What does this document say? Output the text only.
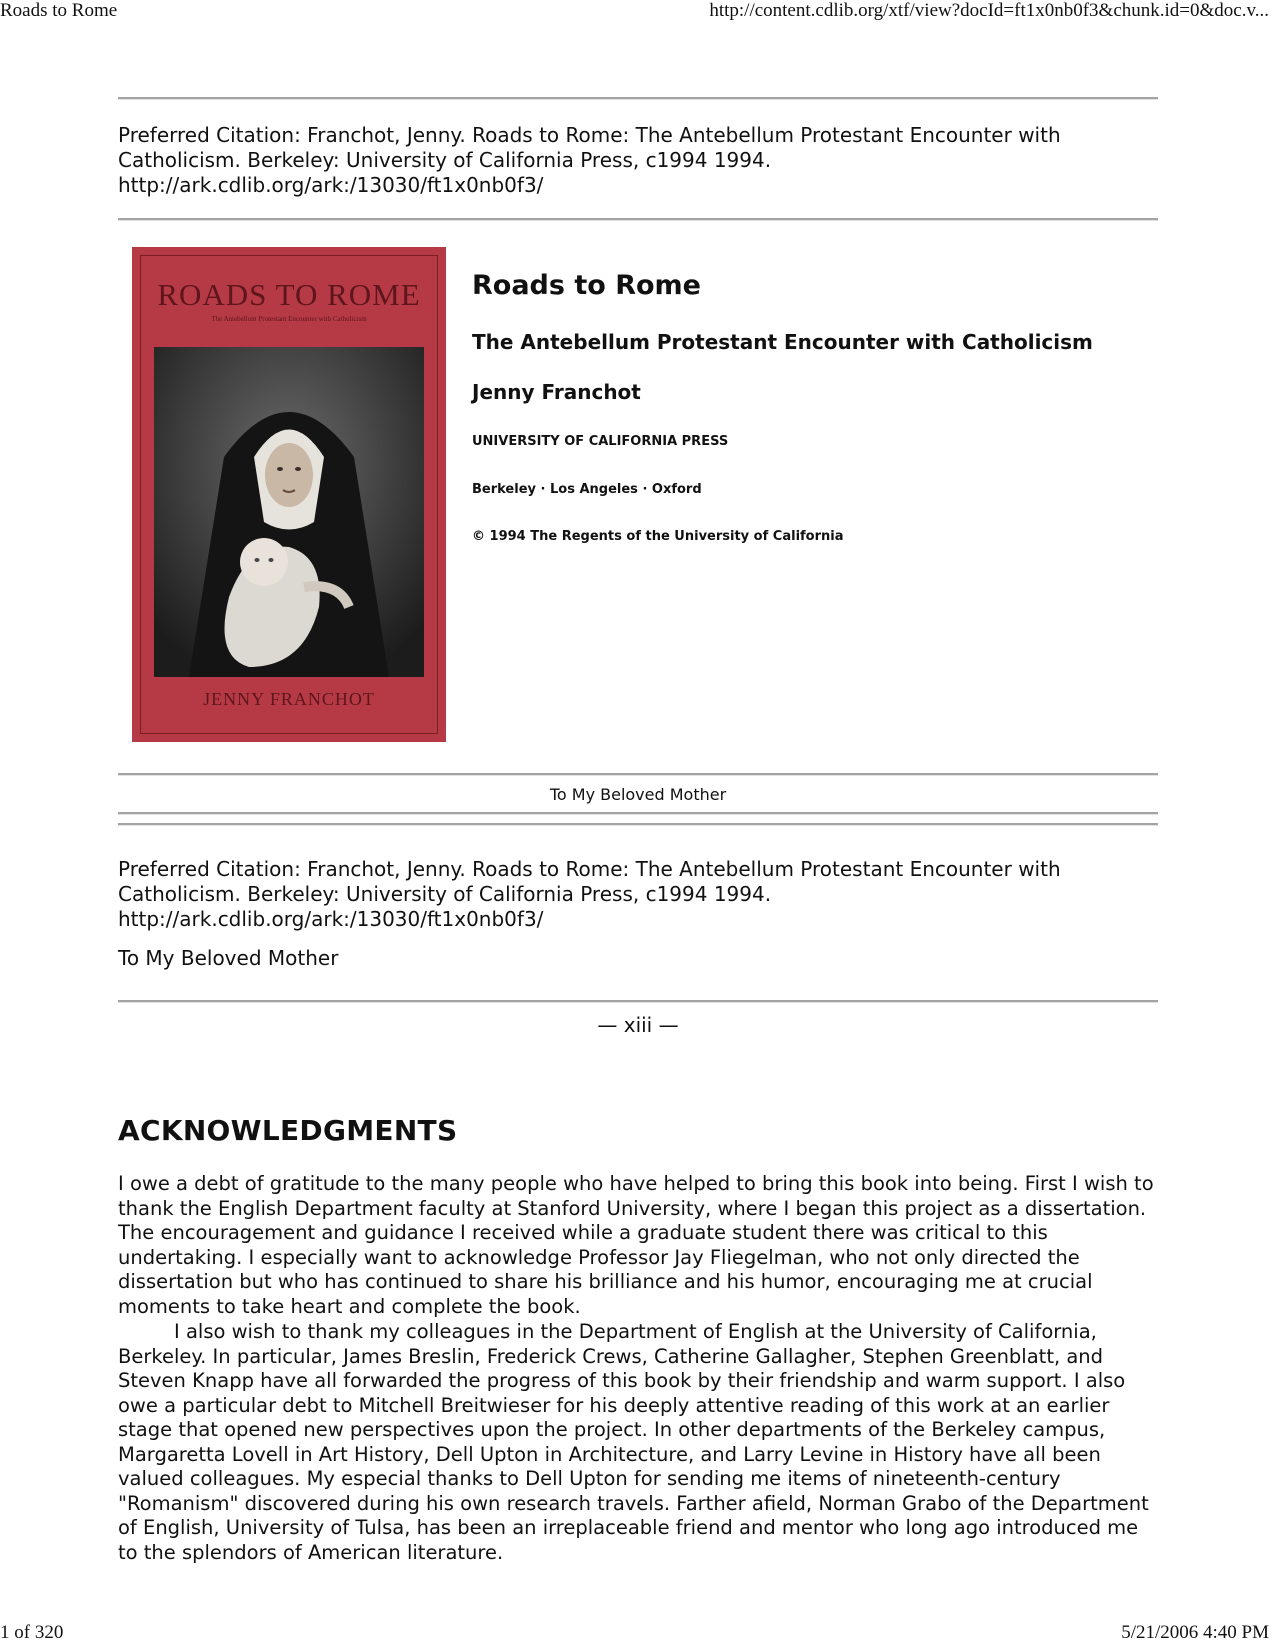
Roads to Rome	http://content.cdlib.org/xtf/view?docId=ft1x0nb0f3&chunk.id=0&doc.v...
Preferred Citation: Franchot, Jenny. Roads to Rome: The Antebellum Protestant Encounter with
Catholicism. Berkeley: University of California Press, c1994 1994.
http://ark.cdlib.org/ark:/13030/ft1x0nb0f3/
ROADS TO ROME
The Antebellum Protestant Encounter with Catholicism
JENNY FRANCHOT
Roads to Rome
The Antebellum Protestant Encounter with Catholicism
Jenny Franchot
UNIVERSITY OF CALIFORNIA PRESS
Berkeley · Los Angeles · Oxford
© 1994 The Regents of the University of California
To My Beloved Mother
Preferred Citation: Franchot, Jenny. Roads to Rome: The Antebellum Protestant Encounter with
Catholicism. Berkeley: University of California Press, c1994 1994.
http://ark.cdlib.org/ark:/13030/ft1x0nb0f3/
To My Beloved Mother
— xiii —
ACKNOWLEDGMENTS

I owe a debt of gratitude to the many people who have helped to bring this book into being. First I wish to thank the English Department faculty at Stanford University, where I began this project as a dissertation. The encouragement and guidance I received while a graduate student there was critical to this undertaking. I especially want to acknowledge Professor Jay Fliegelman, who not only directed the dissertation but who has continued to share his brilliance and his humor, encouraging me at crucial moments to take heart and complete the book.

I also wish to thank my colleagues in the Department of English at the University of California, Berkeley. In particular, James Breslin, Frederick Crews, Catherine Gallagher, Stephen Greenblatt, and Steven Knapp have all forwarded the progress of this book by their friendship and warm support. I also owe a particular debt to Mitchell Breitwieser for his deeply attentive reading of this work at an earlier stage that opened new perspectives upon the project. In other departments of the Berkeley campus, Margaretta Lovell in Art History, Dell Upton in Architecture, and Larry Levine in History have all been valued colleagues. My especial thanks to Dell Upton for sending me items of nineteenth-century "Romanism" discovered during his own research travels. Farther afield, Norman Grabo of the Department of English, University of Tulsa, has been an irreplaceable friend and mentor who long ago introduced me to the splendors of American literature.

1 of 320	5/21/2006 4:40 PM
